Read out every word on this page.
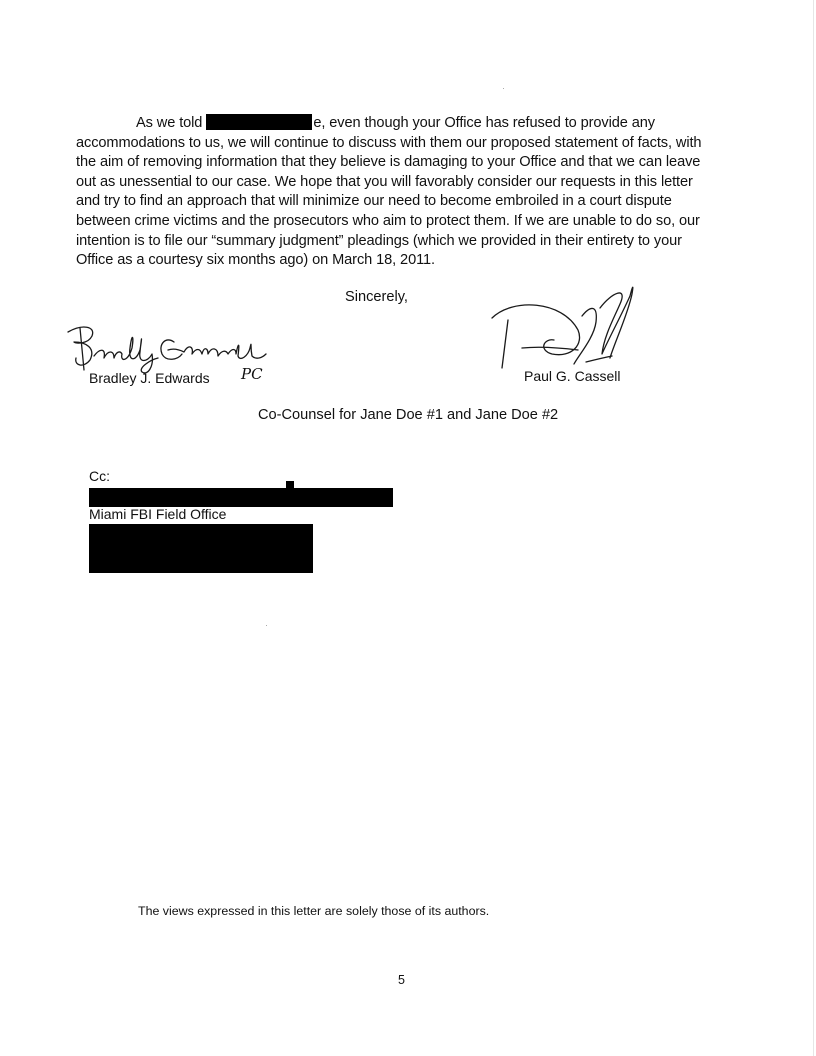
As we told	e, even though your Office has refused to provide any accommodations to us, we will continue to discuss with them our proposed statement of facts, with the aim of removing information that they believe is damaging to your Office and that we can leave out as unessential to our case. We hope that you will favorably consider our requests in this letter and try to find an approach that will minimize our need to become embroiled in a court dispute between crime victims and the prosecutors who aim to protect them. If we are unable to do so, our intention is to file our “summary judgment” pleadings (which we provided in their entirety to your Office as a courtesy six months ago) on March 18, 2011.
Sincerely,
Bradley J. Edwards PC	Paul G. Cassell
Co-Counsel for Jane Doe #1 and Jane Doe #2
Cc:
Miami FBI Field Office
The views expressed in this letter are solely those of its authors.
5
